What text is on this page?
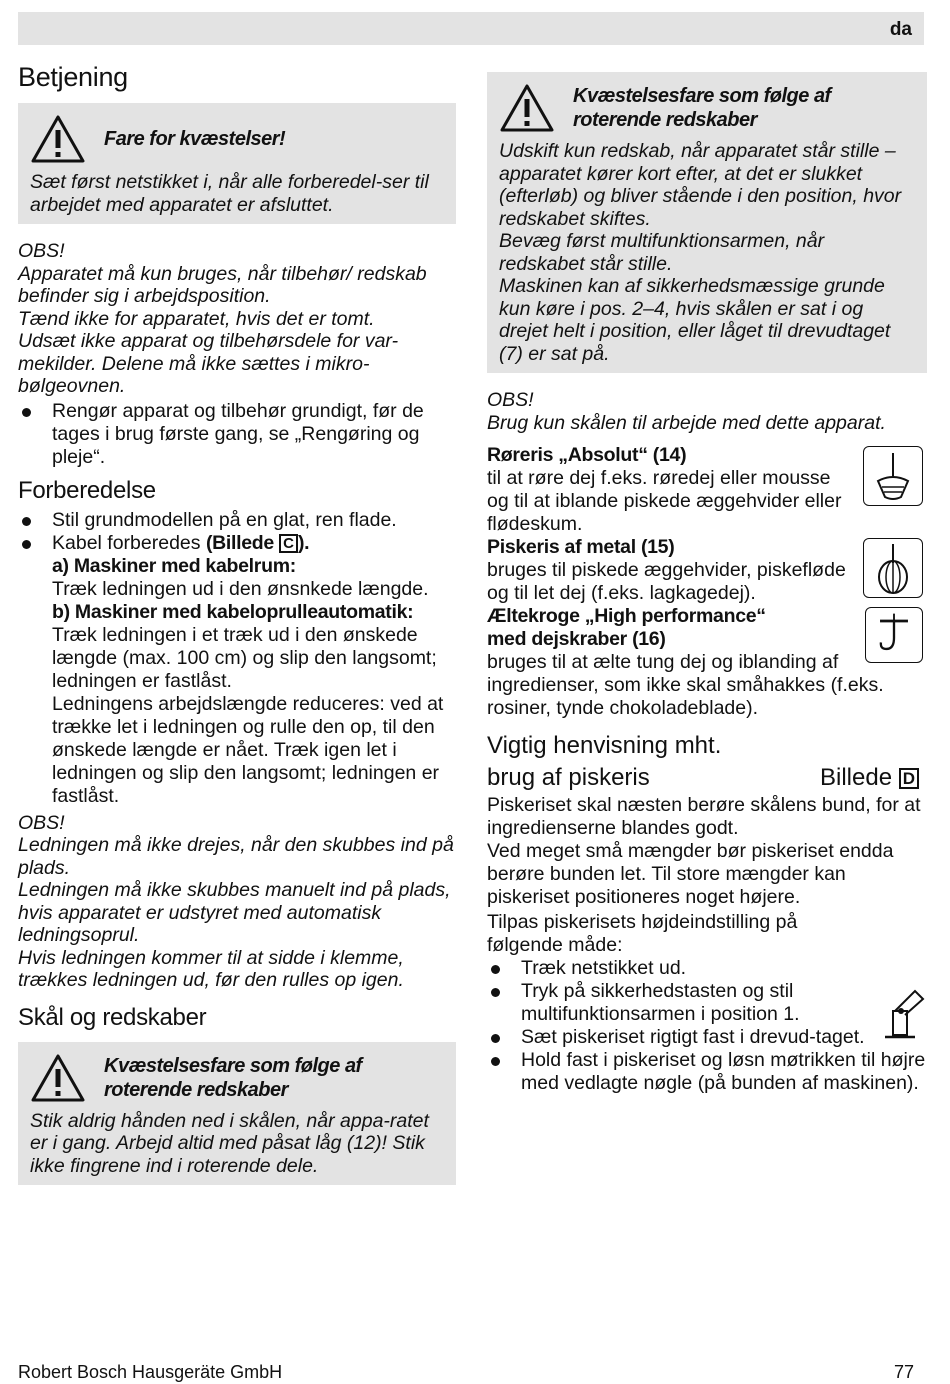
da
Betjening
Fare for kvæstelser!
Sæt først netstikket i, når alle forberedel-ser til arbejdet med apparatet er afsluttet.

OBS!

Apparatet må kun bruges, når tilbehør/ redskab befinder sig i arbejdsposition.

Tænd ikke for apparatet, hvis det er tomt.

Udsæt ikke apparat og tilbehørsdele for var-mekilder. Delene må ikke sættes i mikro-bølgeovnen.

Rengør apparat og tilbehør grundigt, før de tages i brug første gang, se „Rengøring og pleje“.
Forberedelse
Stil grundmodellen på en glat, ren flade.
Kabel forberedes (Billede C ).
a) Maskiner med kabelrum:
Træk ledningen ud i den ønsnkede længde.
b) Maskiner med kabeloprulleautomatik:
Træk ledningen i et træk ud i den ønskede længde (max. 100 cm) og slip den langsomt; ledningen er fastlåst.
Ledningens arbejdslængde reduceres: ved at trække let i ledningen og rulle den op, til den ønskede længde er nået. Træk igen let i ledningen og slip den langsomt; ledningen er fastlåst.

OBS!

Ledningen må ikke drejes, når den skubbes ind på plads.

Ledningen må ikke skubbes manuelt ind på plads, hvis apparatet er udstyret med automatisk ledningsoprul.

Hvis ledningen kommer til at sidde i klemme, trækkes ledningen ud, før den rulles op igen.

Skål og redskaber
Kvæstelsesfare som følge af roterende redskaber
Stik aldrig hånden ned i skålen, når appa-ratet er i gang. Arbejd altid med påsat låg (12)! Stik ikke fingrene ind i roterende dele.
Kvæstelsesfare som følge af roterende redskaber

Udskift kun redskab, når apparatet står stille – apparatet kører kort efter, at det er slukket (efterløb) og bliver stående i den position, hvor redskabet skiftes.

Bevæg først multifunktionsarmen, når redskabet står stille.

Maskinen kan af sikkerhedsmæssige grunde kun køre i pos. 2–4, hvis skålen er sat i og drejet helt i position, eller låget til drevudtaget (7) er sat på.

OBS!

Brug kun skålen til arbejde med dette apparat.

Røreris „Absolut“ (14)
til at røre dej f.eks. røredej eller mousse og til at iblande piskede æggehvider eller flødeskum.
Piskeris af metal (15)
bruges til piskede æggehvider, piskefløde og til let dej (f.eks. lagkagedej).
Æltekroge „High performance“ med dejskraber (16)
bruges til at ælte tung dej og iblanding af ingredienser, som ikke skal småhakkes (f.eks. rosiner, tynde chokoladeblade).
Vigtig henvisning mht.
brug af piskeris	Billede D

Piskeriset skal næsten berøre skålens bund, for at ingredienserne blandes godt.

Ved meget små mængder bør piskeriset endda berøre bunden let. Til store mængder kan piskeriset positioneres noget højere.

Tilpas piskerisets højdeindstilling på følgende måde:

Træk netstikket ud.
Tryk på sikkerhedstasten og stil multifunktionsarmen i position 1.
Sæt piskeriset rigtigt fast i drevud-taget.
Hold fast i piskeriset og løsn møtrikken til højre med vedlagte nøgle (på bunden af maskinen).
Robert Bosch Hausgeräte GmbH	77
